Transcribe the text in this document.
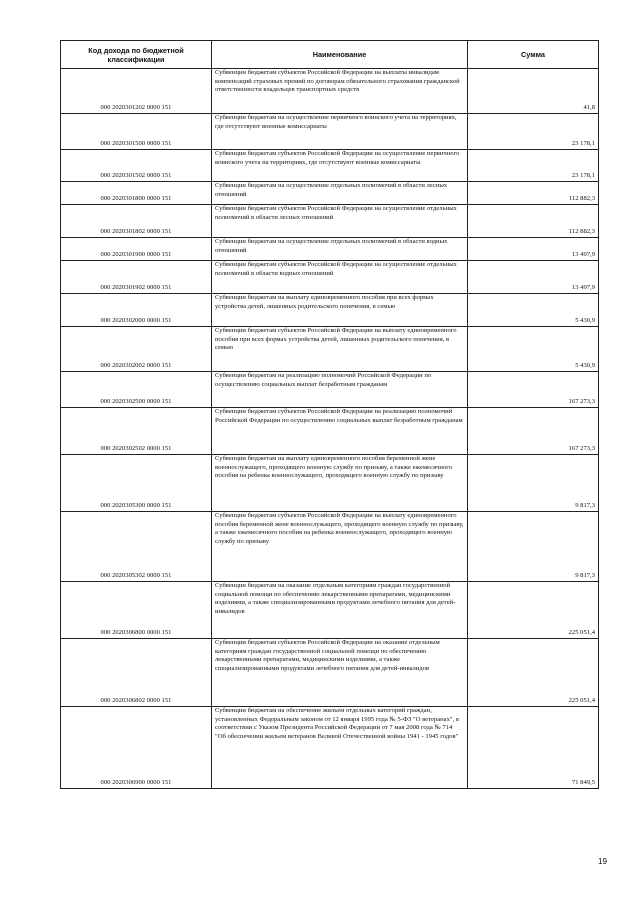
Код дохода по бюджетной классификации	Наименование	Сумма
000 2020301202 0000 151	Субвенции бюджетам субъектов Российской Федерации на выплаты инвалидам компенсаций страховых премий по договорам обязательного страхования гражданской ответственности владельцев транспортных средств	41,8
000 2020301500 0000 151	Субвенции бюджетам на осуществление первичного воинского учета на территориях, где отсутствуют военные комиссариаты	23 178,1
000 2020301502 0000 151	Субвенции бюджетам субъектов Российской Федерации на осуществление первичного воинского учета на территориях, где отсутствуют военные комиссариаты	23 178,1
000 2020301800 0000 151	Субвенции бюджетам на осуществление отдельных полномочий в области лесных отношений	112 882,3
000 2020301802 0000 151	Субвенции бюджетам субъектов Российской Федерации на осуществление отдельных полномочий в области лесных отношений	112 882,3
000 2020301900 0000 151	Субвенции бюджетам на осуществление отдельных полномочий в области водных отношений	13 497,9
000 2020301902 0000 151	Субвенции бюджетам субъектов Российской Федерации на осуществление отдельных полномочий в области водных отношений	13 497,9
000 2020302000 0000 151	Субвенции бюджетам на выплату единовременного пособия при всех формах устройства детей, лишенных родительского попечения, в семью	5 430,9
000 2020302002 0000 151	Субвенции бюджетам субъектов Российской Федерации на выплату единовременного пособия при всех формах устройства детей, лишенных родительского попечения, в семью	5 430,9
000 2020302500 0000 151	Субвенции бюджетам на реализацию полномочий Российской Федерации по осуществлению социальных выплат безработным гражданам	167 273,3
000 2020302502 0000 151	Субвенции бюджетам субъектов Российской Федерации на реализацию полномочий Российской Федерации по осуществлению социальных выплат безработным гражданам	167 273,3
000 2020305300 0000 151	Субвенции бюджетам на выплату единовременного пособия беременной жене военнослужащего, проходящего военную службу по призыву, а также ежемесячного пособия на ребенка военнослужащего, проходящего военную службу по призыву	9 817,3
000 2020305302 0000 151	Субвенции бюджетам субъектов Российской Федерации на выплату единовременного пособия беременной жене военнослужащего, проходящего военную службу по призыву, а также ежемесячного пособия на ребенка военнослужащего, проходящего военную службу по призыву	9 817,3
000 2020306800 0000 151	Субвенции бюджетам на оказание отдельным категориям граждан государственной социальной помощи по обеспечению лекарственными препаратами, медицинскими изделиями, а также специализированными продуктами лечебного питания для детей-инвалидов	225 051,4
000 2020306802 0000 151	Субвенции бюджетам субъектов Российской Федерации на оказание отдельным категориям граждан государственной социальной помощи по обеспечению лекарственными препаратами, медицинскими изделиями, а также специализированными продуктами лечебного питания для детей-инвалидов	225 051,4
000 2020306900 0000 151	Субвенции бюджетам на обеспечение жильем отдельных категорий граждан, установленных Федеральным законом от 12 января 1995 года № 5-ФЗ "О ветеранах", в соответствии с Указом Президента Российской Федерации от 7 мая 2008 года № 714 "Об обеспечении жильем ветеранов Великой Отечественной войны 1941 - 1945 годов"	71 849,5
19
